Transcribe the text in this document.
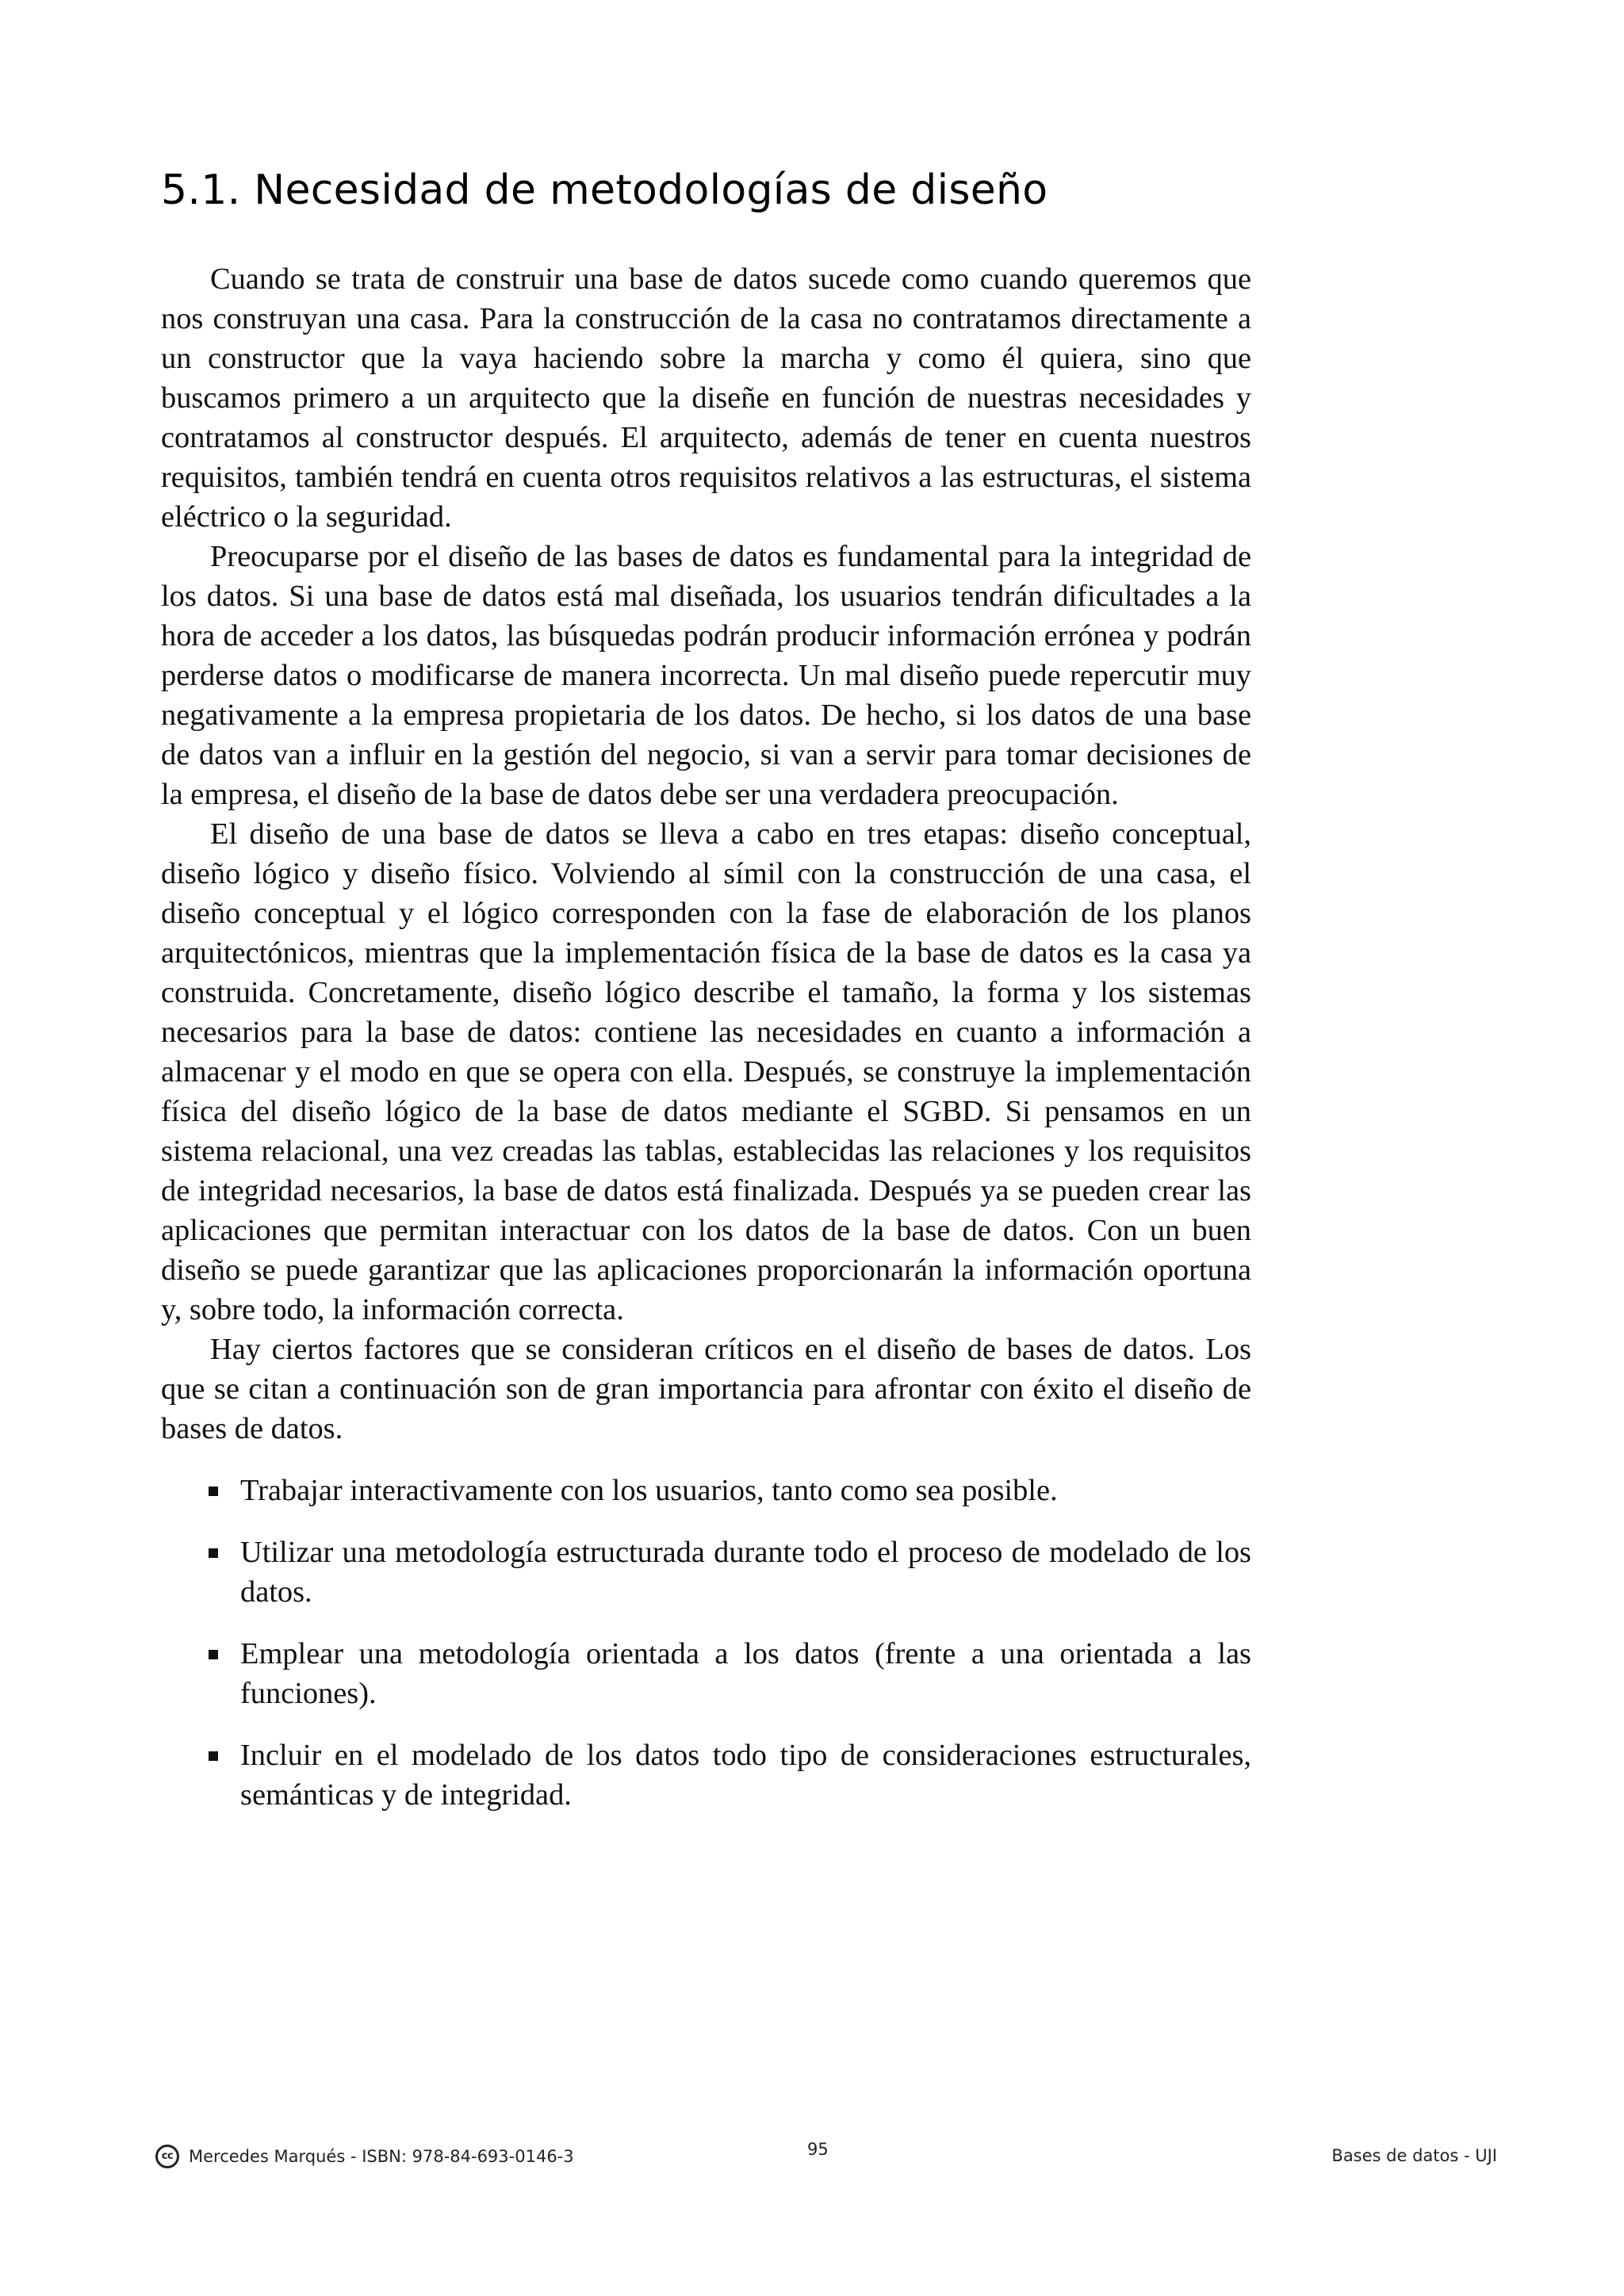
5.1. Necesidad de metodologías de diseño

Cuando se trata de construir una base de datos sucede como cuando queremos que nos construyan una casa. Para la construcción de la casa no contratamos directamente a un constructor que la vaya haciendo sobre la marcha y como él quiera, sino que buscamos primero a un arquitecto que la diseñe en función de nuestras necesidades y contratamos al constructor después. El arquitecto, además de tener en cuenta nuestros requisitos, también tendrá en cuenta otros requisitos relativos a las estructuras, el sistema eléctrico o la seguridad.

Preocuparse por el diseño de las bases de datos es fundamental para la integridad de los datos. Si una base de datos está mal diseñada, los usuarios tendrán dificultades a la hora de acceder a los datos, las búsquedas podrán producir información errónea y podrán perderse datos o modificarse de manera incorrecta. Un mal diseño puede repercutir muy negativamente a la empresa propietaria de los datos. De hecho, si los datos de una base de datos van a influir en la gestión del negocio, si van a servir para tomar decisiones de la empresa, el diseño de la base de datos debe ser una verdadera preocupación.

El diseño de una base de datos se lleva a cabo en tres etapas: diseño conceptual, diseño lógico y diseño físico. Volviendo al símil con la construcción de una casa, el diseño conceptual y el lógico corresponden con la fase de elaboración de los planos arquitectónicos, mientras que la implementación física de la base de datos es la casa ya construida. Concretamente, diseño lógico describe el tamaño, la forma y los sistemas necesarios para la base de datos: contiene las necesidades en cuanto a información a almacenar y el modo en que se opera con ella. Después, se construye la implementación física del diseño lógico de la base de datos mediante el SGBD. Si pensamos en un sistema relacional, una vez creadas las tablas, establecidas las relaciones y los requisitos de integridad necesarios, la base de datos está finalizada. Después ya se pueden crear las aplicaciones que permitan interactuar con los datos de la base de datos. Con un buen diseño se puede garantizar que las aplicaciones proporcionarán la información oportuna y, sobre todo, la información correcta.

Hay ciertos factores que se consideran críticos en el diseño de bases de datos. Los que se citan a continuación son de gran importancia para afrontar con éxito el diseño de bases de datos.

Trabajar interactivamente con los usuarios, tanto como sea posible.
Utilizar una metodología estructurada durante todo el proceso de modelado de los datos.
Emplear una metodología orientada a los datos (frente a una orientada a las funciones).
Incluir en el modelado de los datos todo tipo de consideraciones estructurales, semánticas y de integridad.
cc Mercedes Marqués - ISBN: 978-84-693-0146-3	95	Bases de datos - UJI
